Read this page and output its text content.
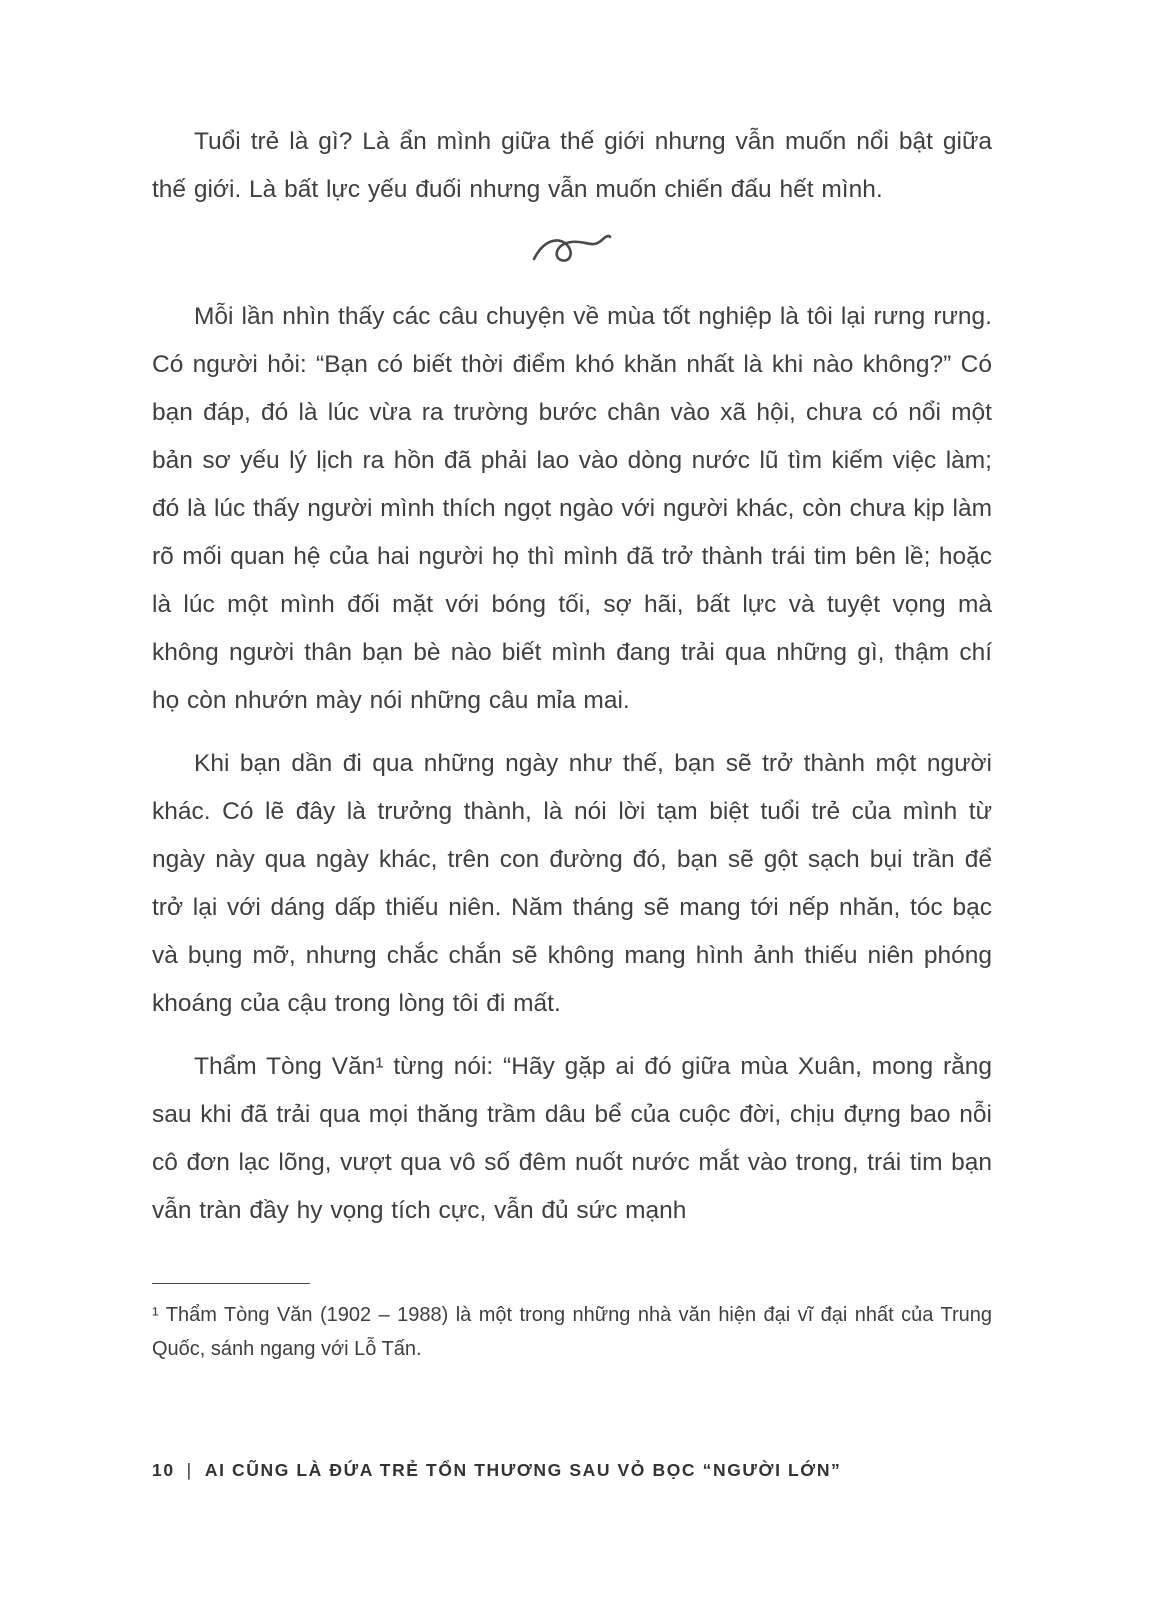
Tuổi trẻ là gì? Là ẩn mình giữa thế giới nhưng vẫn muốn nổi bật giữa thế giới. Là bất lực yếu đuối nhưng vẫn muốn chiến đấu hết mình.

Mỗi lần nhìn thấy các câu chuyện về mùa tốt nghiệp là tôi lại rưng rưng. Có người hỏi: “Bạn có biết thời điểm khó khăn nhất là khi nào không?” Có bạn đáp, đó là lúc vừa ra trường bước chân vào xã hội, chưa có nổi một bản sơ yếu lý lịch ra hồn đã phải lao vào dòng nước lũ tìm kiếm việc làm; đó là lúc thấy người mình thích ngọt ngào với người khác, còn chưa kịp làm rõ mối quan hệ của hai người họ thì mình đã trở thành trái tim bên lề; hoặc là lúc một mình đối mặt với bóng tối, sợ hãi, bất lực và tuyệt vọng mà không người thân bạn bè nào biết mình đang trải qua những gì, thậm chí họ còn nhướn mày nói những câu mỉa mai.

Khi bạn dần đi qua những ngày như thế, bạn sẽ trở thành một người khác. Có lẽ đây là trưởng thành, là nói lời tạm biệt tuổi trẻ của mình từ ngày này qua ngày khác, trên con đường đó, bạn sẽ gột sạch bụi trần để trở lại với dáng dấp thiếu niên. Năm tháng sẽ mang tới nếp nhăn, tóc bạc và bụng mỡ, nhưng chắc chắn sẽ không mang hình ảnh thiếu niên phóng khoáng của cậu trong lòng tôi đi mất.

Thẩm Tòng Văn¹ từng nói: “Hãy gặp ai đó giữa mùa Xuân, mong rằng sau khi đã trải qua mọi thăng trầm dâu bể của cuộc đời, chịu đựng bao nỗi cô đơn lạc lõng, vượt qua vô số đêm nuốt nước mắt vào trong, trái tim bạn vẫn tràn đầy hy vọng tích cực, vẫn đủ sức mạnh

¹ Thẩm Tòng Văn (1902 – 1988) là một trong những nhà văn hiện đại vĩ đại nhất của Trung Quốc, sánh ngang với Lỗ Tấn.

10 | AI CŨNG LÀ ĐỨA TRẺ TỔN THƯƠNG SAU VỎ BỌC “NGƯỜI LỚN”
